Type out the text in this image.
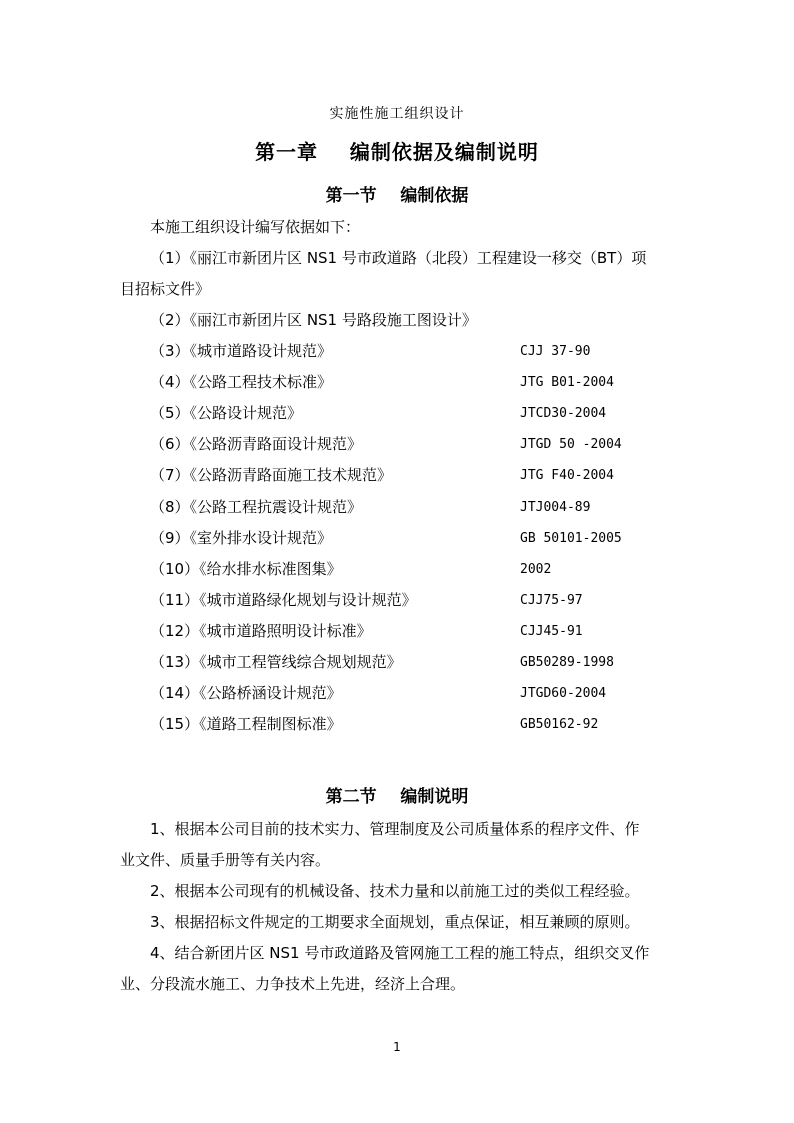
实施性施工组织设计
第一章    编制依据及编制说明
第一节    编制依据
本施工组织设计编写依据如下：
（1）《丽江市新团片区 NS1 号市政道路（北段）工程建设一移交（BT）项
目招标文件》
（2）《丽江市新团片区 NS1 号路段施工图设计》
（3）《城市道路设计规范》	CJJ 37-90
（4）《公路工程技术标准》	JTG B01-2004
（5）《公路设计规范》	JTCD30-2004
（6）《公路沥青路面设计规范》	JTGD 50 -2004
（7）《公路沥青路面施工技术规范》	JTG F40-2004
（8）《公路工程抗震设计规范》	JTJ004-89
（9）《室外排水设计规范》	GB 50101-2005
（10）《给水排水标准图集》	2002
（11）《城市道路绿化规划与设计规范》	CJJ75-97
（12）《城市道路照明设计标准》	CJJ45-91
（13）《城市工程管线综合规划规范》	GB50289-1998
（14）《公路桥涵设计规范》	JTGD60-2004
（15）《道路工程制图标准》	GB50162-92
第二节    编制说明
1、根据本公司目前的技术实力、管理制度及公司质量体系的程序文件、作
业文件、质量手册等有关内容。
2、根据本公司现有的机械设备、技术力量和以前施工过的类似工程经验。
3、根据招标文件规定的工期要求全面规划，重点保证，相互兼顾的原则。
4、结合新团片区 NS1 号市政道路及管网施工工程的施工特点，组织交叉作
业、分段流水施工、力争技术上先进，经济上合理。
1
